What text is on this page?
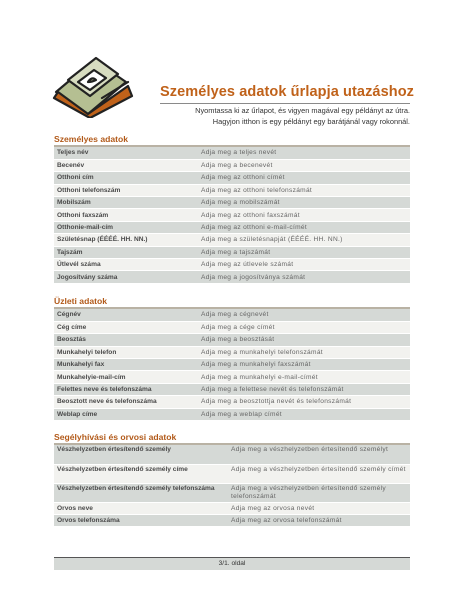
Személyes adatok űrlapja utazáshoz
Nyomtassa ki az űrlapot, és vigyen magával egy példányt az útra.
Hagyjon itthon is egy példányt egy barátjánál vagy rokonnál.
Személyes adatok
Teljes név	Adja meg a teljes nevét
Becenév	Adja meg a becenevét
Otthoni cím	Adja meg az otthoni címét
Otthoni telefonszám	Adja meg az otthoni telefonszámát
Mobilszám	Adja meg a mobilszámát
Otthoni faxszám	Adja meg az otthoni faxszámát
Otthonie-mail-cím	Adja meg az otthoni e-mail-címét
Születésnap (ÉÉÉÉ. HH. NN.)	Adja meg a születésnapját (ÉÉÉÉ. HH. NN.)
Tajszám	Adja meg a tajszámát
Útlevél száma	Adja meg az útlevele számát
Jogosítvány száma	Adja meg a jogosítványa számát
Üzleti adatok
Cégnév	Adja meg a cégnevét
Cég címe	Adja meg a cége címét
Beosztás	Adja meg a beosztását
Munkahelyi telefon	Adja meg a munkahelyi telefonszámát
Munkahelyi fax	Adja meg a munkahelyi faxszámát
Munkahelyie-mail-cím	Adja meg a munkahelyi e-mail-címét
Felettes neve és telefonszáma	Adja meg a felettese nevét és telefonszámát
Beosztott neve és telefonszáma	Adja meg a beosztottja nevét és telefonszámát
Weblap címe	Adja meg a weblap címét
Segélyhívási és orvosi adatok
Vészhelyzetben értesítendő személy	Adja meg a vészhelyzetben értesítendő személyt
Vészhelyzetben értesítendő személy címe	Adja meg a vészhelyzetben értesítendő személy címét
Vészhelyzetben értesítendő személy telefonszáma	Adja meg a vészhelyzetben értesítendő személy telefonszámát
Orvos neve	Adja meg az orvosa nevét
Orvos telefonszáma	Adja meg az orvosa telefonszámát
3/1. oldal
